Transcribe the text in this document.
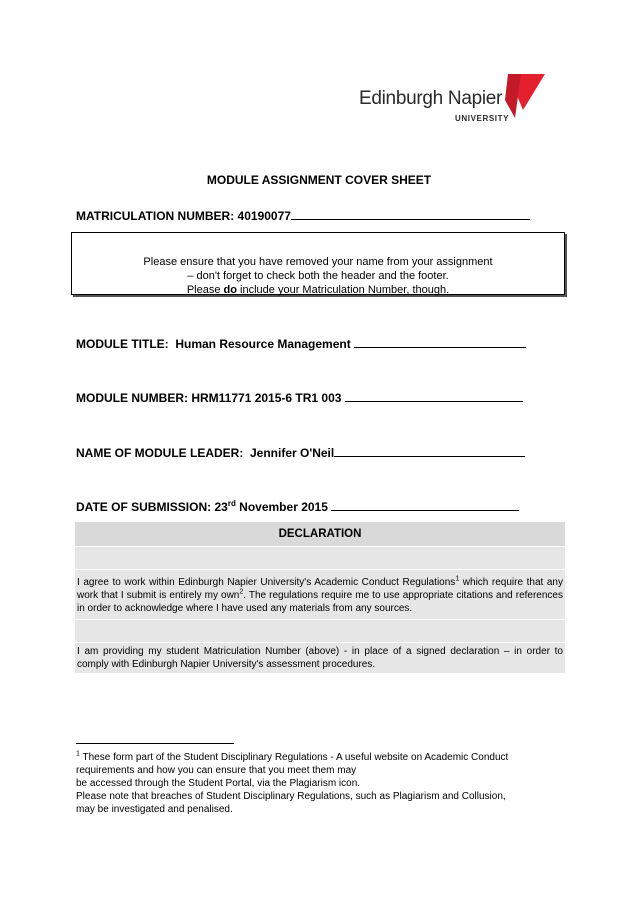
Edinburgh Napier
UNIVERSITY
MODULE ASSIGNMENT COVER SHEET
MATRICULATION NUMBER: 40190077

Please ensure that you have removed your name from your assignment

– don't forget to check both the header and the footer.

Please do include your Matriculation Number, though.

MODULE TITLE: Human Resource Management
MODULE NUMBER: HRM11771 2015-6 TR1 003
NAME OF MODULE LEADER: Jennifer O'Neil
DATE OF SUBMISSION: 23rd November 2015
DECLARATION
I agree to work within Edinburgh Napier University's Academic Conduct Regulations$^1$ which require that any work that I submit is entirely my own$^2$. The regulations require me to use appropriate citations and references in order to acknowledge where I have used any materials from any sources.
I am providing my student Matriculation Number (above) - in place of a signed declaration – in order to comply with Edinburgh Napier University's assessment procedures.

$^1$ These form part of the Student Disciplinary Regulations - A useful website on Academic Conduct

requirements and how you can ensure that you meet them may

be accessed through the Student Portal, via the Plagiarism icon.

Please note that breaches of Student Disciplinary Regulations, such as Plagiarism and Collusion,

may be investigated and penalised.
